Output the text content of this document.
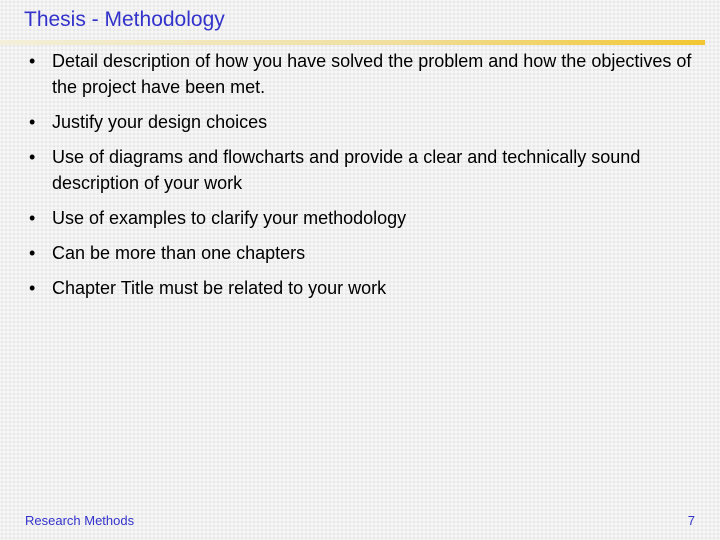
Thesis - Methodology
• Detail description of how you have solved the problem and how the objectives of the project have been met.
• Justify your design choices
• Use of diagrams and flowcharts and provide a clear and technically sound description of your work
• Use of examples to clarify your methodology
• Can be more than one chapters
• Chapter Title must be related to your work
Research Methods	7
